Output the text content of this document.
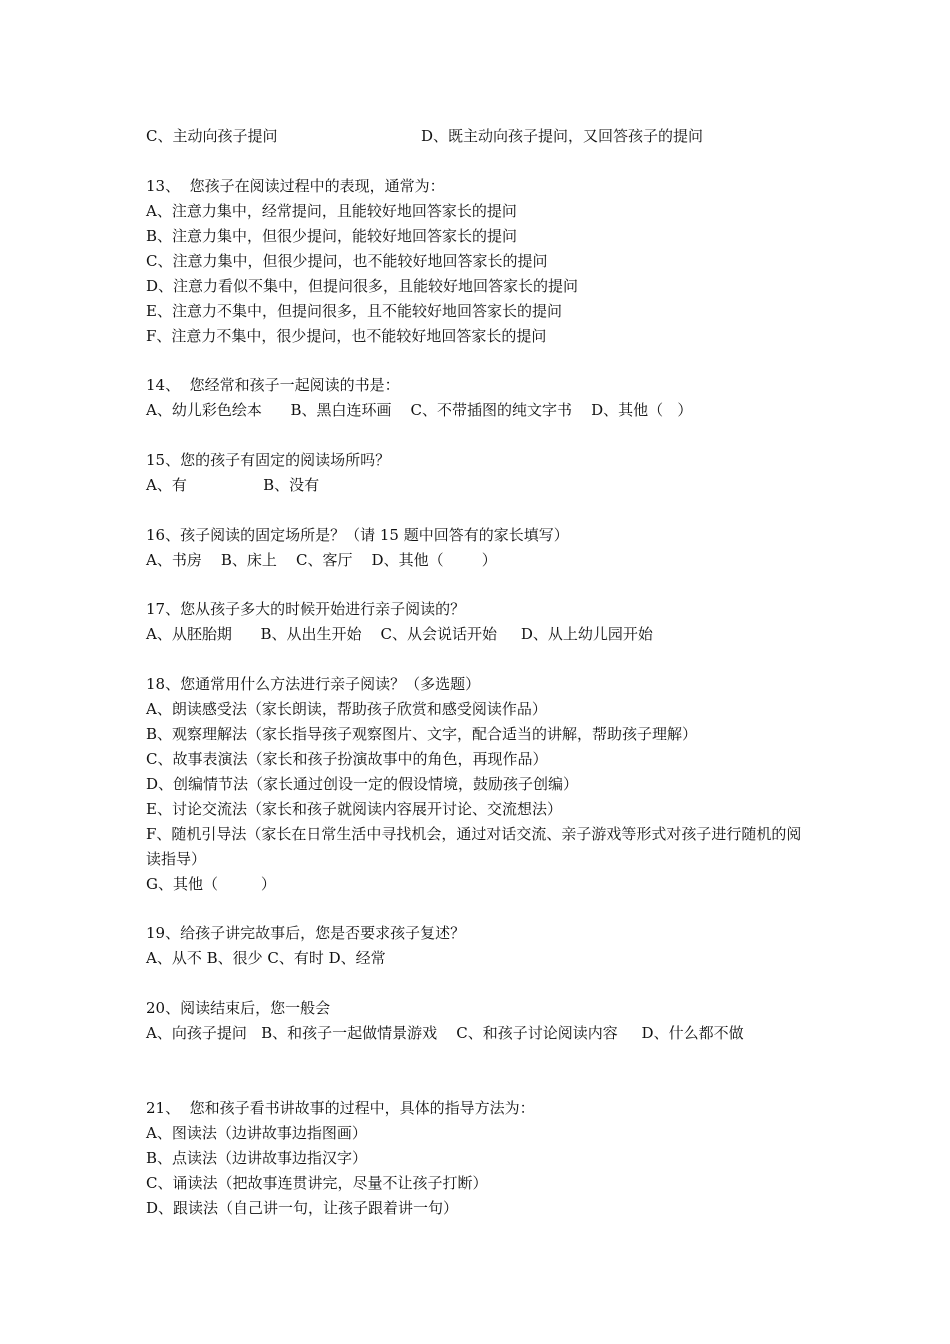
C、主动向孩子提问	D、既主动向孩子提问，又回答孩子的提问
13、  您孩子在阅读过程中的表现，通常为：
A、注意力集中，经常提问，且能较好地回答家长的提问
B、注意力集中，但很少提问，能较好地回答家长的提问
C、注意力集中，但很少提问，也不能较好地回答家长的提问
D、注意力看似不集中，但提问很多，且能较好地回答家长的提问
E、注意力不集中，但提问很多，且不能较好地回答家长的提问
F、注意力不集中，很少提问，也不能较好地回答家长的提问
14、  您经常和孩子一起阅读的书是：
A、幼儿彩色绘本      B、黑白连环画    C、不带插图的纯文字书    D、其他（   ）
15、您的孩子有固定的阅读场所吗？
A、有                B、没有
16、孩子阅读的固定场所是？（请 15 题中回答有的家长填写）
A、书房    B、床上    C、客厅    D、其他（        ）
17、您从孩子多大的时候开始进行亲子阅读的？
A、从胚胎期      B、从出生开始    C、从会说话开始     D、从上幼儿园开始
18、您通常用什么方法进行亲子阅读？（多选题）
A、朗读感受法（家长朗读，帮助孩子欣赏和感受阅读作品）
B、观察理解法（家长指导孩子观察图片、文字，配合适当的讲解，帮助孩子理解）
C、故事表演法（家长和孩子扮演故事中的角色，再现作品）
D、创编情节法（家长通过创设一定的假设情境，鼓励孩子创编）
E、讨论交流法（家长和孩子就阅读内容展开讨论、交流想法）
F、随机引导法（家长在日常生活中寻找机会，通过对话交流、亲子游戏等形式对孩子进行随机的阅读指导）
G、其他（         ）
19、给孩子讲完故事后，您是否要求孩子复述？
A、从不 B、很少 C、有时 D、经常
20、阅读结束后，您一般会
A、向孩子提问   B、和孩子一起做情景游戏    C、和孩子讨论阅读内容     D、什么都不做
21、  您和孩子看书讲故事的过程中，具体的指导方法为：
A、图读法（边讲故事边指图画）
B、点读法（边讲故事边指汉字）
C、诵读法（把故事连贯讲完，尽量不让孩子打断）
D、跟读法（自己讲一句，让孩子跟着讲一句）
